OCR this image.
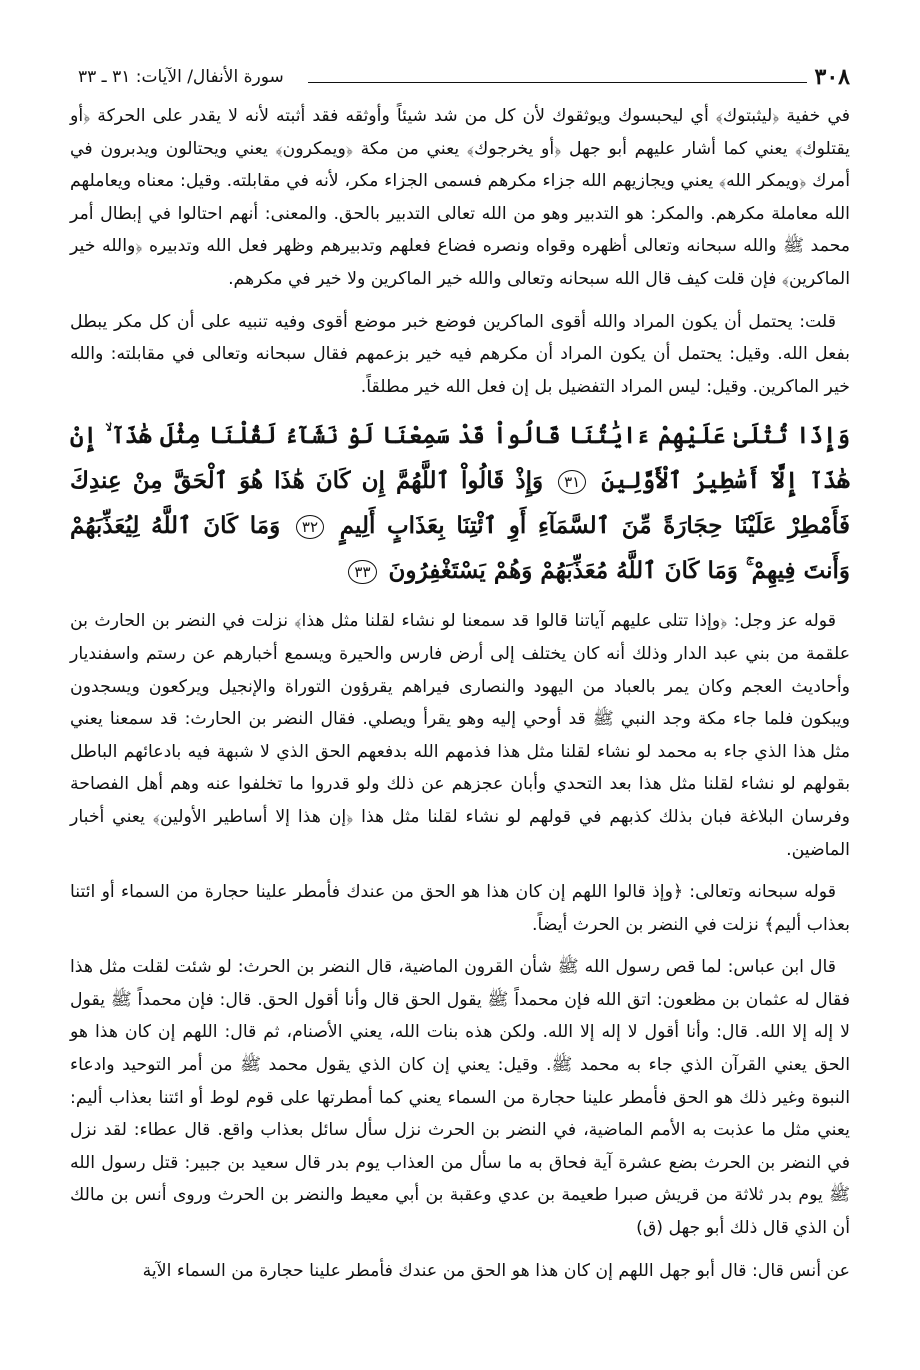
٣٠٨
سورة الأنفال/ الآيات: ٣١ ـ ٣٣

في خفية ﴿ليثبتوك﴾ أي ليحبسوك ويوثقوك لأن كل من شد شيئاً وأوثقه فقد أثبته لأنه لا يقدر على الحركة ﴿أو يقتلوك﴾ يعني كما أشار عليهم أبو جهل ﴿أو يخرجوك﴾ يعني من مكة ﴿ويمكرون﴾ يعني ويحتالون ويدبرون في أمرك ﴿ويمكر الله﴾ يعني ويجازيهم الله جزاء مكرهم فسمى الجزاء مكر، لأنه في مقابلته. وقيل: معناه ويعاملهم الله معاملة مكرهم. والمكر: هو التدبير وهو من الله تعالى التدبير بالحق. والمعنى: أنهم احتالوا في إبطال أمر محمد ﷺ والله سبحانه وتعالى أظهره وقواه ونصره فضاع فعلهم وتدبيرهم وظهر فعل الله وتدبيره ﴿والله خير الماكرين﴾ فإن قلت كيف قال الله سبحانه وتعالى والله خير الماكرين ولا خير في مكرهم.

قلت: يحتمل أن يكون المراد والله أقوى الماكرين فوضع خبر موضع أقوى وفيه تنبيه على أن كل مكر يبطل بفعل الله. وقيل: يحتمل أن يكون المراد أن مكرهم فيه خير بزعمهم فقال سبحانه وتعالى في مقابلته: والله خير الماكرين. وقيل: ليس المراد التفضيل بل إن فعل الله خير مطلقاً.

وَإِذَا تُتْلَىٰ عَلَيْهِمْ ءَايَٰتُنَا قَالُواْ قَدْ سَمِعْنَا لَوْ نَشَآءُ لَقُلْنَا مِثْلَ هَٰذَآ ۙ إِنْ هَٰذَآ إِلَّآ أَسَٰطِيرُ ٱلْأَوَّلِينَ ٣١ وَإِذْ قَالُواْ ٱللَّهُمَّ إِن كَانَ هَٰذَا هُوَ ٱلْحَقَّ مِنْ عِندِكَ فَأَمْطِرْ عَلَيْنَا حِجَارَةً مِّنَ ٱلسَّمَآءِ أَوِ ٱئْتِنَا بِعَذَابٍ أَلِيمٍ ٣٢ وَمَا كَانَ ٱللَّهُ لِيُعَذِّبَهُمْ وَأَنتَ فِيهِمْ ۚ وَمَا كَانَ ٱللَّهُ مُعَذِّبَهُمْ وَهُمْ يَسْتَغْفِرُونَ ٣٣

قوله عز وجل: ﴿وإذا تتلى عليهم آياتنا قالوا قد سمعنا لو نشاء لقلنا مثل هذا﴾ نزلت في النضر بن الحارث بن علقمة من بني عبد الدار وذلك أنه كان يختلف إلى أرض فارس والحيرة ويسمع أخبارهم عن رستم واسفنديار وأحاديث العجم وكان يمر بالعباد من اليهود والنصارى فيراهم يقرؤون التوراة والإنجيل ويركعون ويسجدون ويبكون فلما جاء مكة وجد النبي ﷺ قد أوحي إليه وهو يقرأ ويصلي. فقال النضر بن الحارث: قد سمعنا يعني مثل هذا الذي جاء به محمد لو نشاء لقلنا مثل هذا فذمهم الله بدفعهم الحق الذي لا شبهة فيه بادعائهم الباطل بقولهم لو نشاء لقلنا مثل هذا بعد التحدي وأبان عجزهم عن ذلك ولو قدروا ما تخلفوا عنه وهم أهل الفصاحة وفرسان البلاغة فبان بذلك كذبهم في قولهم لو نشاء لقلنا مثل هذا ﴿إن هذا إلا أساطير الأولين﴾ يعني أخبار الماضين.

قوله سبحانه وتعالى: ﴿وإذ قالوا اللهم إن كان هذا هو الحق من عندك فأمطر علينا حجارة من السماء أو ائتنا بعذاب أليم﴾ نزلت في النضر بن الحرث أيضاً.

قال ابن عباس: لما قص رسول الله ﷺ شأن القرون الماضية، قال النضر بن الحرث: لو شئت لقلت مثل هذا فقال له عثمان بن مظعون: اتق الله فإن محمداً ﷺ يقول الحق قال وأنا أقول الحق. قال: فإن محمداً ﷺ يقول لا إله إلا الله. قال: وأنا أقول لا إله إلا الله. ولكن هذه بنات الله، يعني الأصنام، ثم قال: اللهم إن كان هذا هو الحق يعني القرآن الذي جاء به محمد ﷺ. وقيل: يعني إن كان الذي يقول محمد ﷺ من أمر التوحيد وادعاء النبوة وغير ذلك هو الحق فأمطر علينا حجارة من السماء يعني كما أمطرتها على قوم لوط أو ائتنا بعذاب أليم: يعني مثل ما عذبت به الأمم الماضية، في النضر بن الحرث نزل سأل سائل بعذاب واقع. قال عطاء: لقد نزل في النضر بن الحرث بضع عشرة آية فحاق به ما سأل من العذاب يوم بدر قال سعيد بن جبير: قتل رسول الله ﷺ يوم بدر ثلاثة من قريش صبرا طعيمة بن عدي وعقبة بن أبي معيط والنضر بن الحرث وروى أنس بن مالك أن الذي قال ذلك أبو جهل (ق)

عن أنس قال: قال أبو جهل اللهم إن كان هذا هو الحق من عندك فأمطر علينا حجارة من السماء الآية
